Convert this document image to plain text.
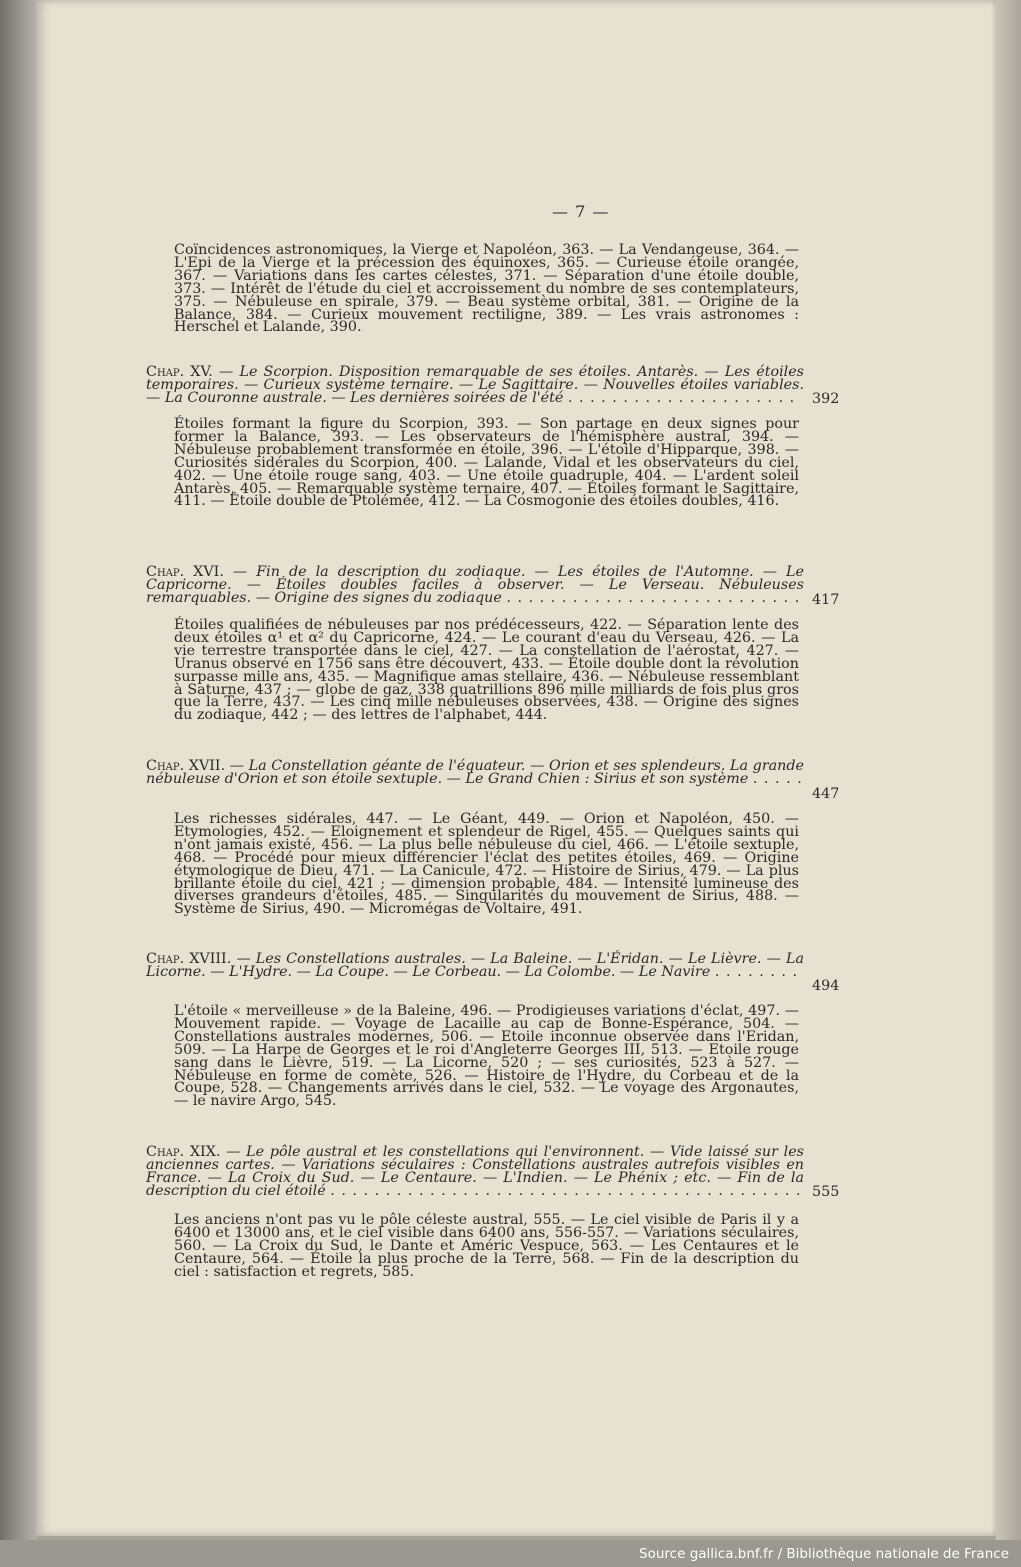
— 7 —
Coïncidences astronomiques, la Vierge et Napoléon, 363. — La Vendangeuse, 364. — L'Epi de la Vierge et la précession des équinoxes, 365. — Curieuse étoile orangée, 367. — Variations dans les cartes célestes, 371. — Séparation d'une étoile double, 373. — Intérêt de l'étude du ciel et accroissement du nombre de ses contemplateurs, 375. — Nébuleuse en spirale, 379. — Beau système orbital, 381. — Origine de la Balance, 384. — Curieux mouvement rectiligne, 389. — Les vrais astronomes : Herschel et Lalande, 390.
Chap. XV. — Le Scorpion. Disposition remarquable de ses étoiles. Antarès. — Les étoiles temporaires. — Curieux système ternaire. — Le Sagittaire. — Nouvelles étoiles variables. — La Couronne australe. — Les dernières soirées de l'été . . . . . . . . . . . . . . . . . . . . .	392
Étoiles formant la figure du Scorpion, 393. — Son partage en deux signes pour former la Balance, 393. — Les observateurs de l'hémisphère austral, 394. — Nébuleuse probablement transformée en étoile, 396. — L'étoile d'Hipparque, 398. — Curiosités sidérales du Scorpion, 400. — Lalande, Vidal et les observateurs du ciel, 402. — Une étoile rouge sang, 403. — Une étoile quadruple, 404. — L'ardent soleil Antarès, 405. — Remarquable système ternaire, 407. — Étoiles formant le Sagittaire, 411. — Étoile double de Ptolémée, 412. — La Cosmogonie des étoiles doubles, 416.
Chap. XVI. — Fin de la description du zodiaque. — Les étoiles de l'Automne. — Le Capricorne. — Étoiles doubles faciles à observer. — Le Verseau. Nébuleuses remarquables. — Origine des signes du zodiaque . . . . . . . . . . . . . . . . . . . . . . . . . . . 417
Étoiles qualifiées de nébuleuses par nos prédécesseurs, 422. — Séparation lente des deux étoiles α¹ et α² du Capricorne, 424. — Le courant d'eau du Verseau, 426. — La vie terrestre transportée dans le ciel, 427. — La constellation de l'aérostat, 427. — Uranus observé en 1756 sans être découvert, 433. — Étoile double dont la révolution surpasse mille ans, 435. — Magnifique amas stellaire, 436. — Nébuleuse ressemblant à Saturne, 437 ; — globe de gaz, 338 quatrillions 896 mille milliards de fois plus gros que la Terre, 437. — Les cinq mille nébuleuses observées, 438. — Origine des signes du zodiaque, 442 ; — des lettres de l'alphabet, 444.
Chap. XVII. — La Constellation géante de l'équateur. — Orion et ses splendeurs. La grande nébuleuse d'Orion et son étoile sextuple. — Le Grand Chien : Sirius et son système . . . . .
447
Les richesses sidérales, 447. — Le Géant, 449. — Orion et Napoléon, 450. — Etymologies, 452. — Eloignement et splendeur de Rigel, 455. — Quelques saints qui n'ont jamais existé, 456. — La plus belle nébuleuse du ciel, 466. — L'étoile sextuple, 468. — Procédé pour mieux différencier l'éclat des petites étoiles, 469. — Origine étymologique de Dieu, 471. — La Canicule, 472. — Histoire de Sirius, 479. — La plus brillante étoile du ciel, 421 ; — dimension probable, 484. — Intensité lumineuse des diverses grandeurs d'étoiles, 485. — Singularités du mouvement de Sirius, 488. — Système de Sirius, 490. — Micromégas de Voltaire, 491.
Chap. XVIII. — Les Constellations australes. — La Baleine. — L'Éridan. — Le Lièvre. — La Licorne. — L'Hydre. — La Coupe. — Le Corbeau. — La Colombe. — Le Navire . . . . . . . .
494
L'étoile « merveilleuse » de la Baleine, 496. — Prodigieuses variations d'éclat, 497. — Mouvement rapide. — Voyage de Lacaille au cap de Bonne-Espérance, 504. — Constellations australes modernes, 506. — Etoile inconnue observée dans l'Eridan, 509. — La Harpe de Georges et le roi d'Angleterre Georges III, 513. — Etoile rouge sang dans le Lièvre, 519. — La Licorne, 520 ; — ses curiosités, 523 à 527. — Nébuleuse en forme de comète, 526. — Histoire de l'Hydre, du Corbeau et de la Coupe, 528. — Changements arrivés dans le ciel, 532. — Le voyage des Argonautes, — le navire Argo, 545.
Chap. XIX. — Le pôle austral et les constellations qui l'environnent. — Vide laissé sur les anciennes cartes. — Variations séculaires : Constellations australes autrefois visibles en France. — La Croix du Sud. — Le Centaure. — L'Indien. — Le Phénix ; etc. — Fin de la description du ciel étoilé . . . . . . . . . . . . . . . . . . . . . . . . . . . . . . . . . . . . . . . . . . . 555
Les anciens n'ont pas vu le pôle céleste austral, 555. — Le ciel visible de Paris il y a 6400 et 13000 ans, et le ciel visible dans 6400 ans, 556-557. — Variations séculaires, 560. — La Croix du Sud, le Dante et Améric Vespuce, 563. — Les Centaures et le Centaure, 564. — Étoile la plus proche de la Terre, 568. — Fin de la description du ciel : satisfaction et regrets, 585.
Source gallica.bnf.fr / Bibliothèque nationale de France
